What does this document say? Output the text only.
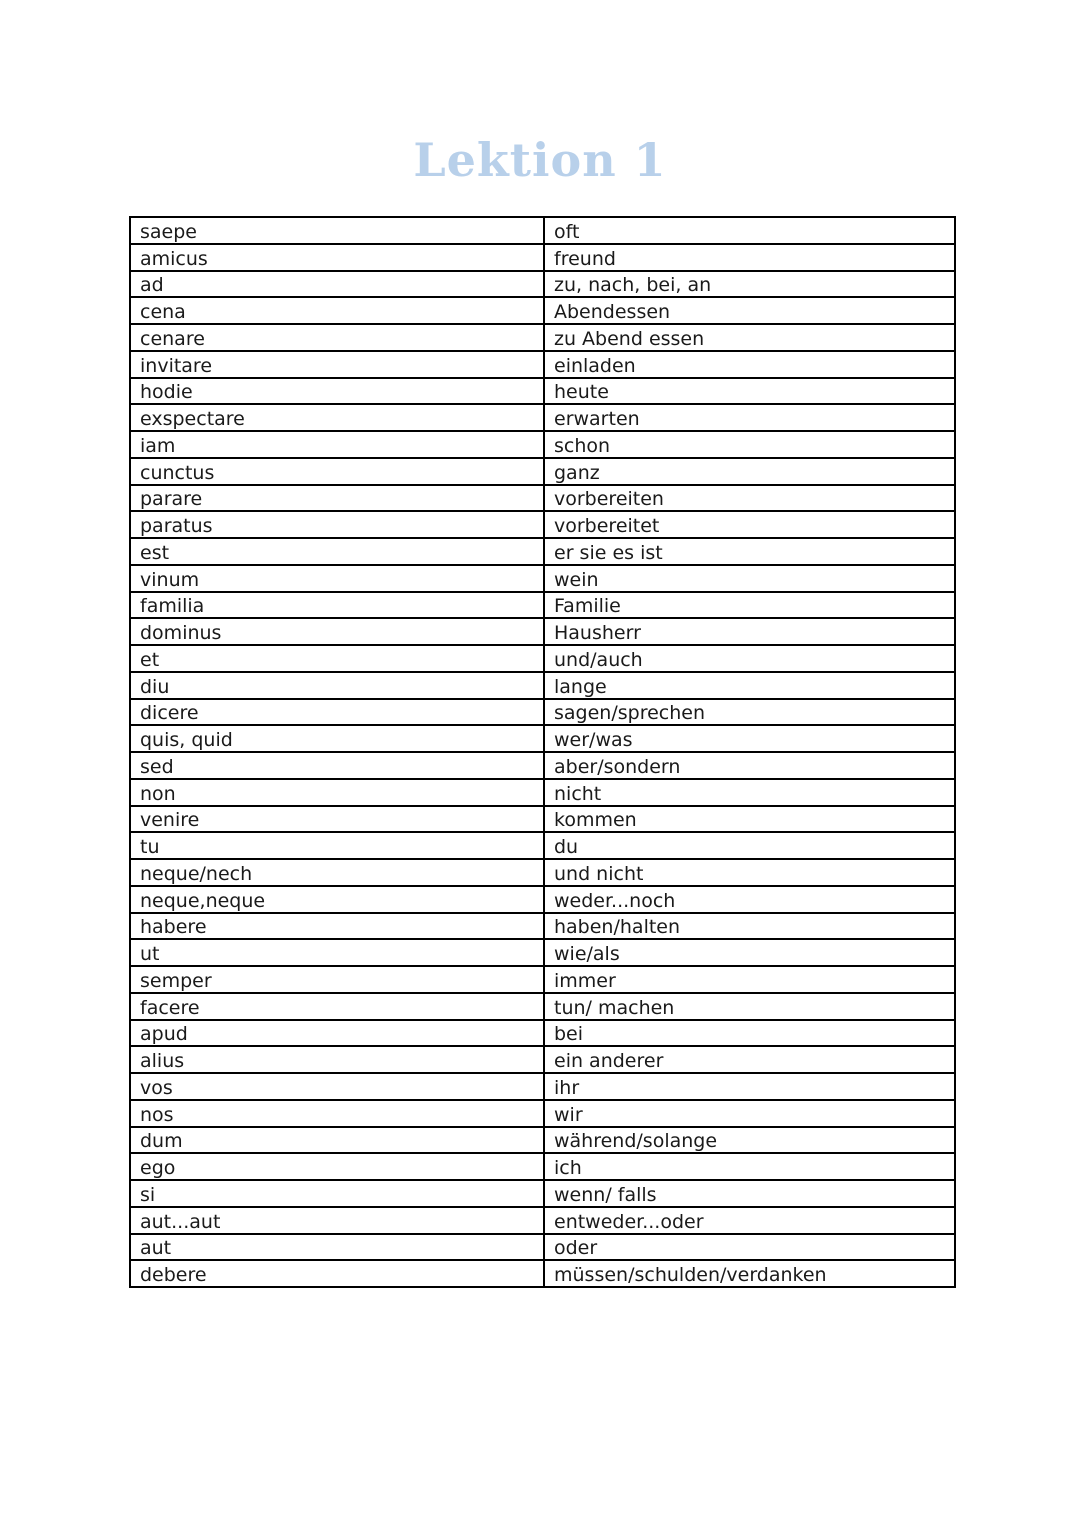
Lektion 1
saepe	oft
amicus	freund
ad	zu, nach, bei, an
cena	Abendessen
cenare	zu Abend essen
invitare	einladen
hodie	heute
exspectare	erwarten
iam	schon
cunctus	ganz
parare	vorbereiten
paratus	vorbereitet
est	er sie es ist
vinum	wein
familia	Familie
dominus	Hausherr
et	und/auch
diu	lange
dicere	sagen/sprechen
quis, quid	wer/was
sed	aber/sondern
non	nicht
venire	kommen
tu	du
neque/nech	und nicht
neque,neque	weder...noch
habere	haben/halten
ut	wie/als
semper	immer
facere	tun/ machen
apud	bei
alius	ein anderer
vos	ihr
nos	wir
dum	während/solange
ego	ich
si	wenn/ falls
aut...aut	entweder...oder
aut	oder
debere	müssen/schulden/verdanken
